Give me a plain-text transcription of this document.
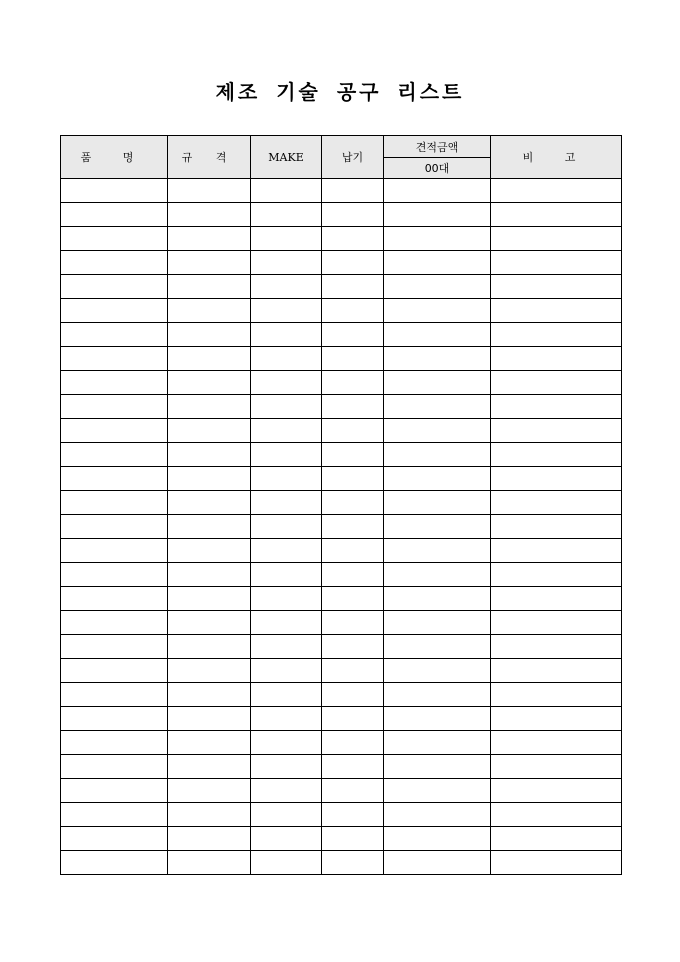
제조 기술 공구 리스트
품 명	규 격	MAKE	납기	견적금액	비 고
				00대	
